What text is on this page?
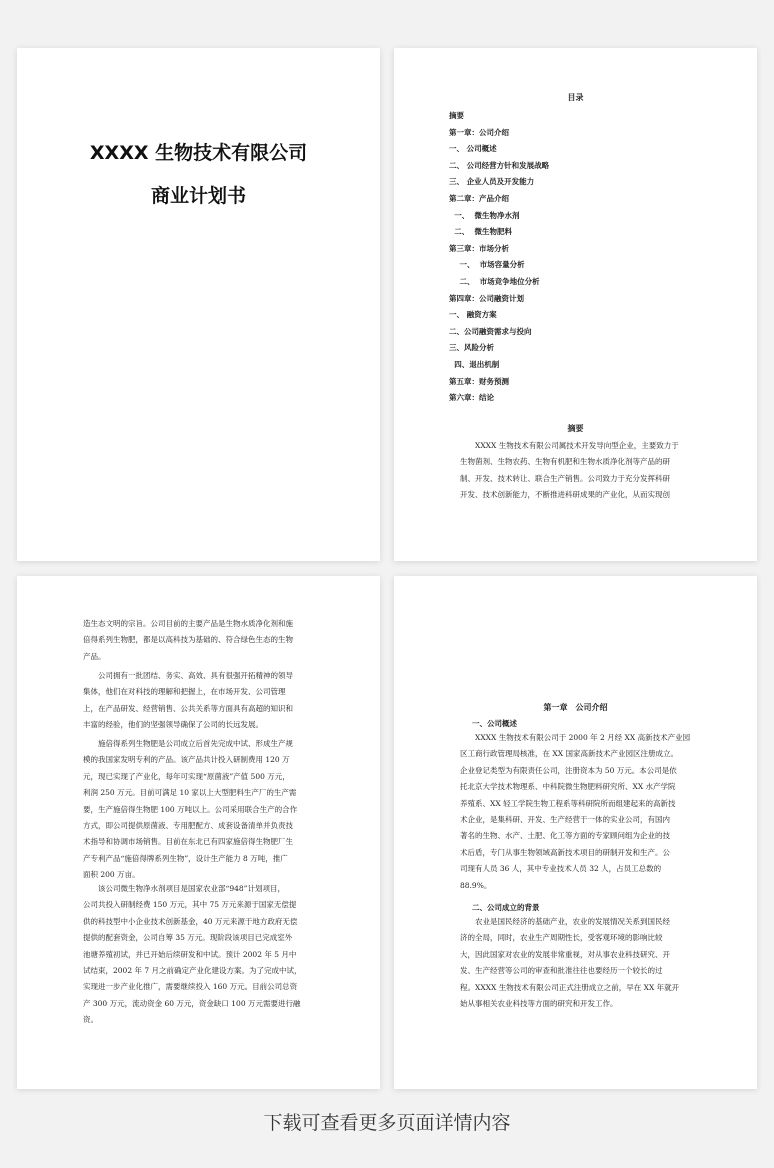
XXXX 生物技术有限公司
商业计划书
目录
摘要
第一章：公司介绍
一、 公司概述
二、 公司经营方针和发展战略
三、 企业人员及开发能力
第二章：产品介绍
一、  微生物净水剂
二、  微生物肥料
第三章：市场分析
一、  市场容量分析
二、  市场竞争地位分析
第四章：公司融资计划
一、 融资方案
二、公司融资需求与投向
三、风险分析
四、退出机制
第五章：财务预测
第六章：结论
摘要
　　XXXX 生物技术有限公司属技术开发导向型企业，主要致力于
生物菌剂、生物农药、生物有机肥和生物水质净化剂等产品的研
制、开发、技术转让、联合生产销售。公司致力于充分发挥科研
开发、技术创新能力，不断推进科研成果的产业化，从而实现创
造生态文明的宗旨。公司目前的主要产品是生物水质净化剂和施
倍得系列生物肥，都是以高科技为基础的、符合绿色生态的生物
产品。
　　公司拥有一批团结、务实、高效、具有很强开拓精神的领导
集体，他们在对科技的理解和把握上，在市场开发、公司管理
上，在产品研发、经营销售、公共关系等方面具有高超的知识和
丰富的经验，他们的坚强领导确保了公司的长远发展。
　　施倍得系列生物肥是公司成立后首先完成中试、形成生产规
模的我国家发明专利的产品。该产品共计投入研制费用 120 万
元，现已实现了产业化，每年可实现“原菌液”产值 500 万元，
利润 250 万元。目前可满足 10 家以上大型肥料生产厂的生产需
要，生产施倍得生物肥 100 万吨以上。公司采用联合生产的合作
方式，即公司提供原菌液、专用肥配方、成套设备清单并负责技
术指导和协调市场销售。目前在东北已有四家施倍得生物肥厂生
产专利产品“施倍得牌系列生物”，设计生产能力 8 万吨，推广
面积 200 万亩。
　　该公司微生物净水剂项目是国家农业部“948”计划项目，
公司共投入研制经费 150 万元，其中 75 万元来源于国家无偿提
供的科技型中小企业技术创新基金，40 万元来源于地方政府无偿
提供的配套资金，公司自筹 35 万元。现阶段该项目已完成室外
池塘养殖初试，并已开始后续研发和中试。预计 2002 年 5 月中
试结束，2002 年 7 月之前确定产业化建设方案。为了完成中试，
实现进一步产业化推广，需要继续投入 160 万元。目前公司总资
产 300 万元，流动资金 60 万元，资金缺口 100 万元需要进行融
资。
第一章　公司介绍
一、公司概述
　　XXXX 生物技术有限公司于 2000 年 2 月经 XX 高新技术产业园
区工商行政管理局核准，在 XX 国家高新技术产业园区注册成立。
企业登记类型为有限责任公司，注册资本为 50 万元。本公司是依
托北京大学技术物理系、中科院微生物肥料研究所、XX 水产学院
养殖系、XX 轻工学院生物工程系等科研院所而组建起来的高新技
术企业，是集科研、开发、生产经营于一体的实业公司，有国内
著名的生物、水产、土肥、化工等方面的专家顾问组为企业的技
术后盾，专门从事生物领域高新技术项目的研制开发和生产。公
司现有人员 36 人，其中专业技术人员 32 人，占员工总数的
88.9%。
二、公司成立的背景
　　农业是国民经济的基础产业，农业的发展情况关系到国民经
济的全局，同时，农业生产周期性长，受客观环境的影响比较
大，因此国家对农业的发展非常重视，对从事农业科技研究、开
发、生产经营等公司的审查和批准往往也要经历一个较长的过
程。XXXX 生物技术有限公司正式注册成立之前，早在 XX 年就开
始从事相关农业科技等方面的研究和开发工作。
下载可查看更多页面详情内容
